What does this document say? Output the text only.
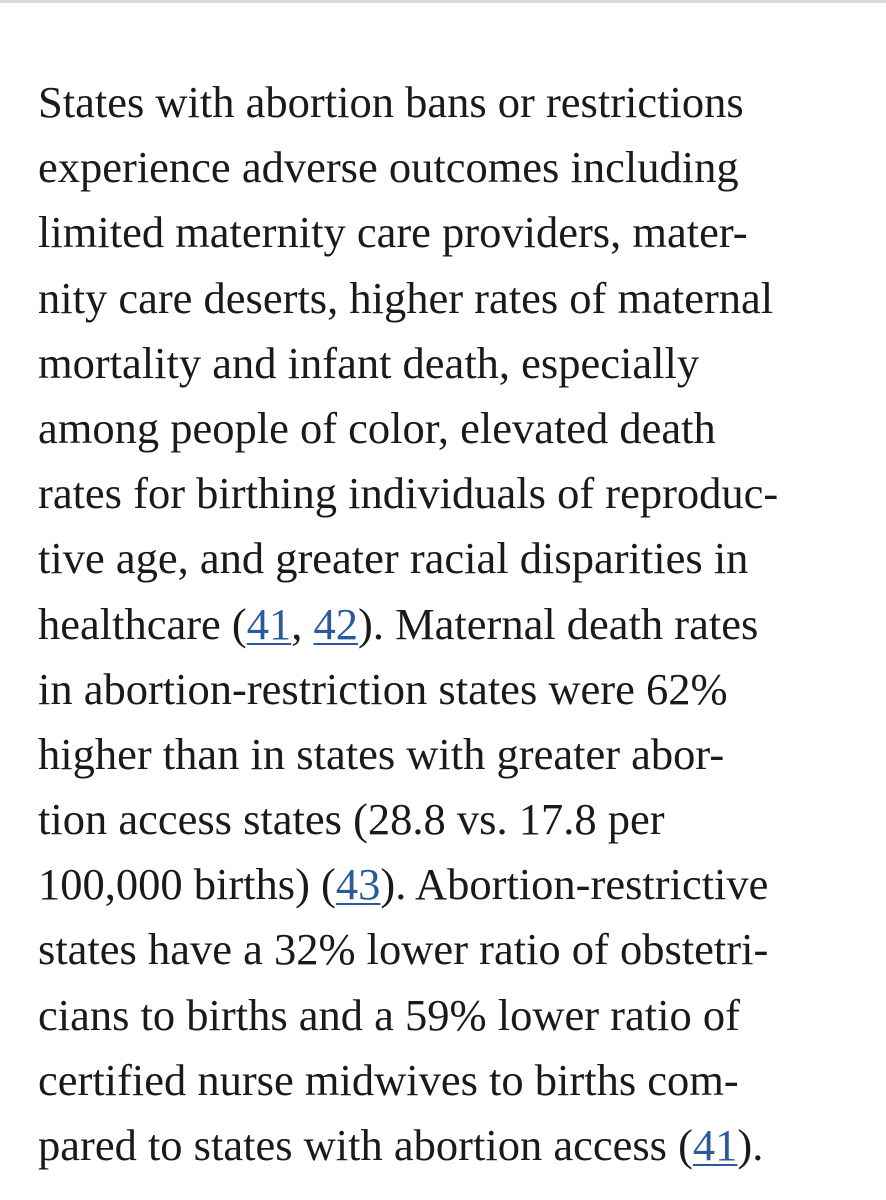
States with abortion bans or restrictions
experience adverse outcomes including
limited maternity care providers, mater-
nity care deserts, higher rates of maternal
mortality and infant death, especially
among people of color, elevated death
rates for birthing individuals of reproduc-
tive age, and greater racial disparities in
healthcare (41, 42). Maternal death rates
in abortion-restriction states were 62%
higher than in states with greater abor-
tion access states (28.8 vs. 17.8 per
100,000 births) (43). Abortion-restrictive
states have a 32% lower ratio of obstetri-
cians to births and a 59% lower ratio of
certified nurse midwives to births com-
pared to states with abortion access (41).
